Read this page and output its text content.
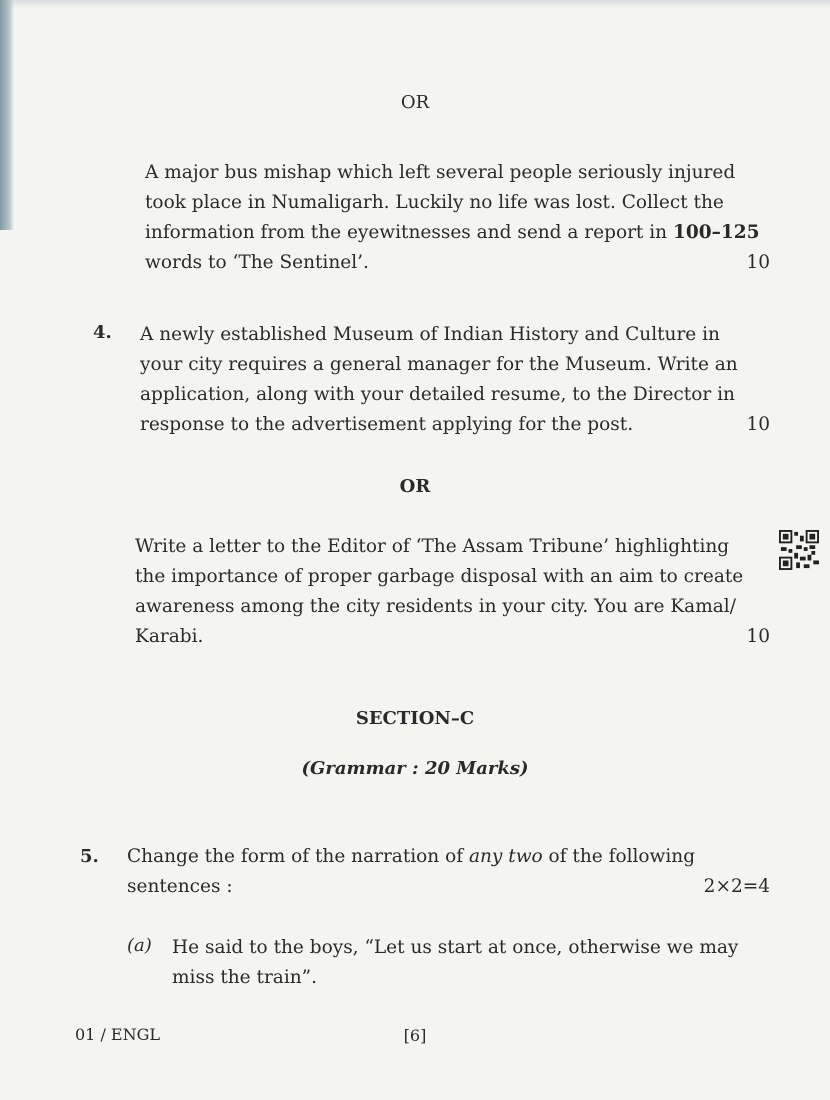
OR
A major bus mishap which left several people seriously injured
took place in Numaligarh. Luckily no life was lost. Collect the
information from the eyewitnesses and send a report in 100–125
words to ‘The Sentinel’.	10
4. A newly established Museum of Indian History and Culture in
your city requires a general manager for the Museum. Write an
application, along with your detailed resume, to the Director in
response to the advertisement applying for the post.	10
OR
Write a letter to the Editor of ‘The Assam Tribune’ highlighting
the importance of proper garbage disposal with an aim to create
awareness among the city residents in your city. You are Kamal/
Karabi.	10
SECTION–C
(Grammar : 20 Marks)
5. Change the form of the narration of any two of the following
sentences :	2×2=4
(a) He said to the boys, “Let us start at once, otherwise we may
miss the train”.
01 / ENGL	[6]
